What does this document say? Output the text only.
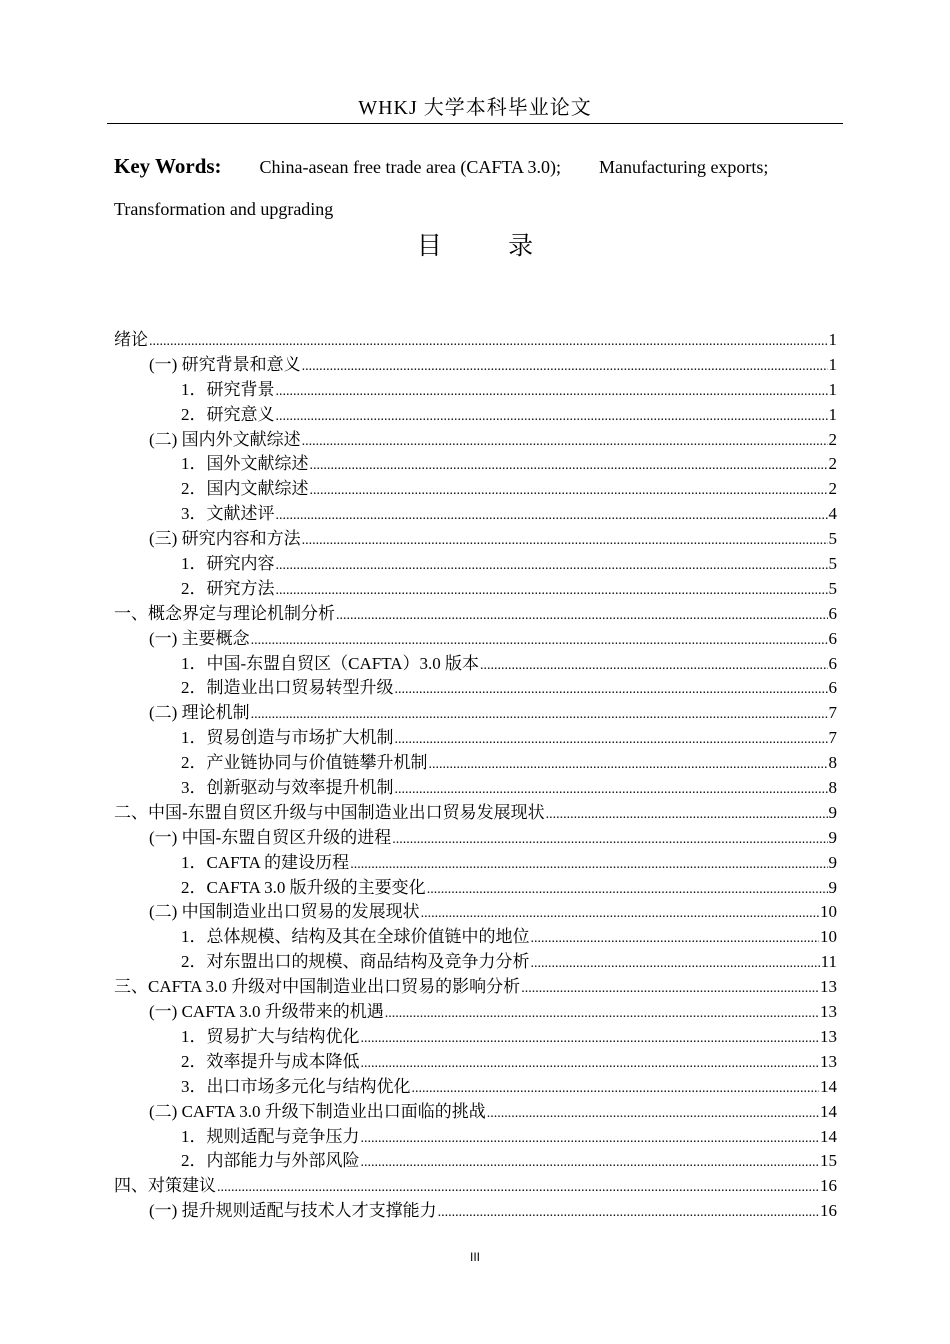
WHKJ 大学本科毕业论文
Key Words: China-asean free trade area (CAFTA 3.0); Manufacturing exports;
Transformation and upgrading
目 录
绪论 .....	1
(一) 研究背景和意义 .....	1
1．研究背景 .....	1
2．研究意义 .....	1
(二) 国内外文献综述 .....	2
1．国外文献综述 .....	2
2．国内文献综述 .....	2
3．文献述评 .....	4
(三) 研究内容和方法 .....	5
1．研究内容 .....	5
2．研究方法 .....	5
一、概念界定与理论机制分析 .....	6
(一) 主要概念 .....	6
1．中国-东盟自贸区（CAFTA）3.0 版本 .....	6
2．制造业出口贸易转型升级 .....	6
(二) 理论机制 .....	7
1．贸易创造与市场扩大机制 .....	7
2．产业链协同与价值链攀升机制 .....	8
3．创新驱动与效率提升机制 .....	8
二、中国-东盟自贸区升级与中国制造业出口贸易发展现状 .....	9
(一) 中国-东盟自贸区升级的进程 .....	9
1．CAFTA 的建设历程 .....	9
2．CAFTA 3.0 版升级的主要变化 .....	9
(二) 中国制造业出口贸易的发展现状 .....	10
1．总体规模、结构及其在全球价值链中的地位 .....	10
2．对东盟出口的规模、商品结构及竞争力分析 .....	11
三、CAFTA 3.0 升级对中国制造业出口贸易的影响分析 .....	13
(一) CAFTA 3.0 升级带来的机遇 .....	13
1．贸易扩大与结构优化 .....	13
2．效率提升与成本降低 .....	13
3．出口市场多元化与结构优化 .....	14
(二) CAFTA 3.0 升级下制造业出口面临的挑战 .....	14
1．规则适配与竞争压力 .....	14
2．内部能力与外部风险 .....	15
四、对策建议 .....	16
(一) 提升规则适配与技术人才支撑能力 .....	16
III
